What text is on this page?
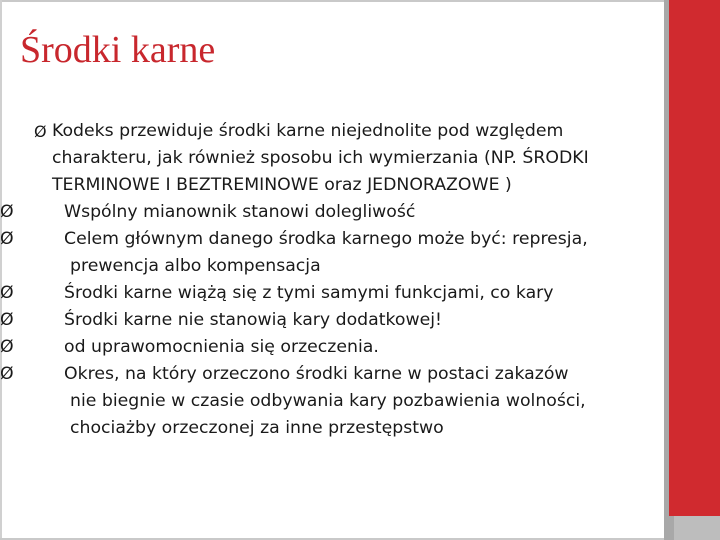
Środki karne
Ø Kodeks przewiduje środki karne niejednolite pod względem
charakteru, jak również sposobu ich wymierzania (NP. ŚRODKI
TERMINOWE I BEZTREMINOWE oraz JEDNORAZOWE )
Ø	Wspólny mianownik stanowi dolegliwość
Ø	Celem głównym danego środka karnego może być: represja,
prewencja albo kompensacja
Ø	Środki karne wiążą się z tymi samymi funkcjami, co kary
Ø	Środki karne nie stanowią kary dodatkowej!
Ø	od uprawomocnienia się orzeczenia.
Ø	Okres, na który orzeczono środki karne w postaci zakazów
nie biegnie w czasie odbywania kary pozbawienia wolności,
chociażby orzeczonej za inne przestępstwo
